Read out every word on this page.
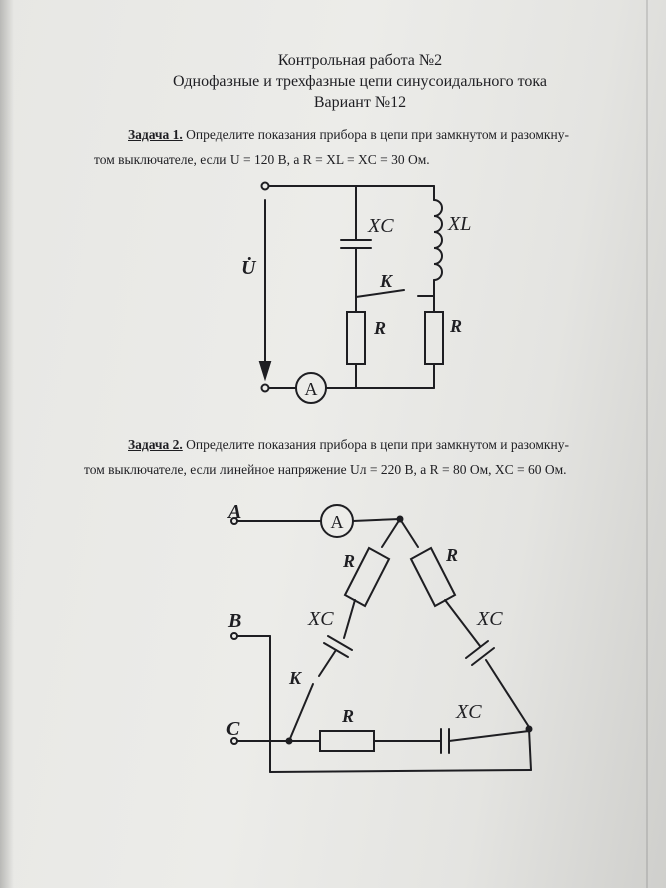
Контрольная работа №2
Однофазные и трехфазные цепи синусоидального тока
Вариант №12
Задача 1. Определите показания прибора в цепи при замкнутом и разомкну-
том выключателе, если U = 120 В, а R = XL = XC = 30 Ом.
Задача 2. Определите показания прибора в цепи при замкнутом и разомкну-
том выключателе, если линейное напряжение Uл = 220 В, а R = 80 Ом, XC = 60 Ом.
XC	XL
U̇
K
R	R
A
A
B
C
A
R	R
R
XC	XC
XC
K
